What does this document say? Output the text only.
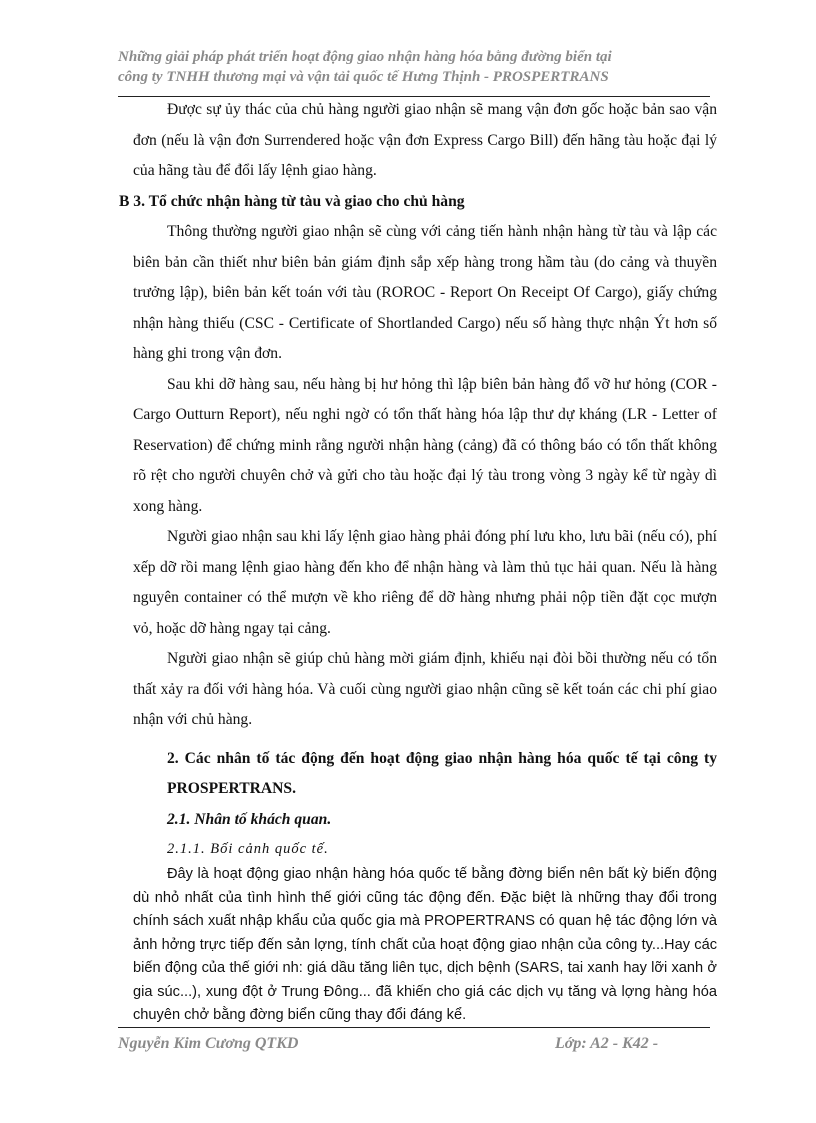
Những giải pháp phát triển hoạt động giao nhận hàng hóa bằng đường biển tại
công ty TNHH thương mại và vận tải quốc tế Hưng Thịnh - PROSPERTRANS

Được sự ủy thác của chủ hàng người giao nhận sẽ mang vận đơn gốc hoặc bản sao vận đơn (nếu là vận đơn Surrendered hoặc vận đơn Express Cargo Bill) đến hãng tàu hoặc đại lý của hãng tàu để đổi lấy lệnh giao hàng.

B 3. Tổ chức nhận hàng từ tàu và giao cho chủ hàng

Thông thường người giao nhận sẽ cùng với cảng tiến hành nhận hàng từ tàu và lập các biên bản cần thiết như biên bản giám định sắp xếp hàng trong hầm tàu (do cảng và thuyền trưởng lập), biên bản kết toán với tàu (ROROC - Report On Receipt Of Cargo), giấy chứng nhận hàng thiếu (CSC - Certificate of Shortlanded Cargo) nếu số hàng thực nhận Ýt hơn số hàng ghi trong vận đơn.

Sau khi dỡ hàng sau, nếu hàng bị hư hỏng thì lập biên bản hàng đổ vỡ hư hỏng (COR - Cargo Outturn Report), nếu nghi ngờ có tổn thất hàng hóa lập thư dự kháng (LR - Letter of Reservation) để chứng minh rằng người nhận hàng (cảng) đã có thông báo có tổn thất không rõ rệt cho người chuyên chở và gửi cho tàu hoặc đại lý tàu trong vòng 3 ngày kể từ ngày dì xong hàng.

Người giao nhận sau khi lấy lệnh giao hàng phải đóng phí lưu kho, lưu bãi (nếu có), phí xếp dỡ rồi mang lệnh giao hàng đến kho để nhận hàng và làm thủ tục hải quan. Nếu là hàng nguyên container có thể mượn về kho riêng để dỡ hàng nhưng phải nộp tiền đặt cọc mượn vỏ, hoặc dỡ hàng ngay tại cảng.

Người giao nhận sẽ giúp chủ hàng mời giám định, khiếu nại đòi bồi thường nếu có tổn thất xảy ra đối với hàng hóa. Và cuối cùng người giao nhận cũng sẽ kết toán các chi phí giao nhận với chủ hàng.

2. Các nhân tố tác động đến hoạt động giao nhận hàng hóa quốc tế tại công ty PROSPERTRANS.

2.1. Nhân tố khách quan.

2.1.1. Bối cảnh quốc tế.

Đây là hoạt động giao nhận hàng hóa quốc tế bằng đờng biển nên bất kỳ biến động dù nhỏ nhất của tình hình thế giới cũng tác động đến. Đặc biệt là những thay đổi trong chính sách xuất nhập khẩu của quốc gia mà PROPERTRANS có quan hệ tác động lớn và ảnh hởng trực tiếp đến sản lợng, tính chất của hoạt động giao nhận của công ty...Hay các biến động của thế giới nh: giá dầu tăng liên tục, dịch bệnh (SARS, tai xanh hay lỡi xanh ở gia súc...), xung đột ở Trung Đông... đã khiến cho giá các dịch vụ tăng và lợng hàng hóa chuyên chở bằng đờng biển cũng thay đổi đáng kể.

Nguyễn Kim Cương QTKD	Lớp: A2 - K42 -
